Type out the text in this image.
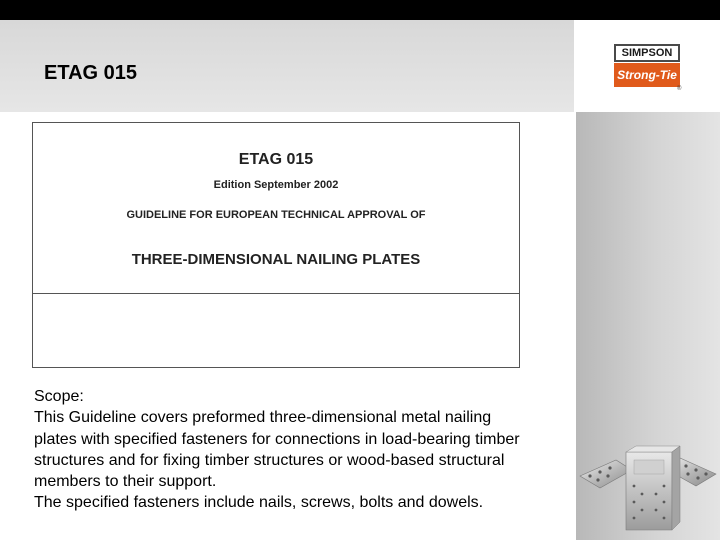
ETAG 015
SIMPSON
Strong-Tie
®
ETAG 015
Edition September 2002
GUIDELINE FOR EUROPEAN TECHNICAL APPROVAL OF
THREE-DIMENSIONAL NAILING PLATES

Scope:

This Guideline covers preformed three-dimensional metal nailing plates with specified fasteners for connections in load-bearing timber structures and for fixing timber structures or wood-based structural members to their support.

The specified fasteners include nails, screws, bolts and dowels.
